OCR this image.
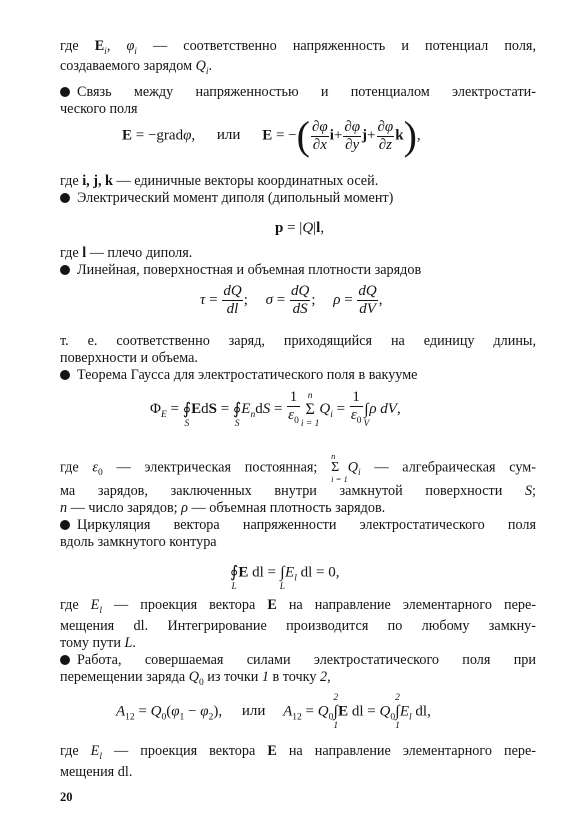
где $E_i$, $\varphi_i$ — соответственно напряженность и потенциал поля,
создаваемого зарядом $Q_i$.
Связь между напряженностью и потенциалом электростати-
ческого поля
E = −gradφ, или E = −( $\frac{\partial\varphi}{\partial x} i+ \frac{\partial\varphi}{\partial y} j+ \frac{\partial\varphi}{\partial z} k$),
где i, j, k — единичные векторы координатных осей.
Электрический момент диполя (дипольный момент)
p = |Q|l,
где l — плечо диполя.
Линейная, поверхностная и объемная плотности зарядов
$\tau = \frac{dQ}{dl}$ ; $\sigma = \frac{dQ}{dS}$ ; $\rho = \frac{dQ}{dV}$ ,
т. е. соответственно заряд, приходящийся на единицу длины,
поверхности и объема.
Теорема Гаусса для электростатического поля в вакууме
$\Phi_E$ =
∮
S
EdS =
∮
S
$E_ndS = \frac{1}{\varepsilon_0}$ n
Σ
i = 1
$Q_i = \frac{1}{\varepsilon_0}$
∫
V
ρ dV,
где $\varepsilon_0$ — электрическая постоянная;
n
Σ
i = 1
$Q_i$ — алгебраическая сум-
ма зарядов, заключенных внутри замкнутой поверхности S;
n — число зарядов; ρ — объемная плотность зарядов.
Циркуляция вектора напряженности электростатического поля
вдоль замкнутого контура

∮
L
E dl =
∫
L
$E_l$ dl = 0,
где $E_l$ — проекция вектора E на направление элементарного пере-
мещения dl. Интегрирование производится по любому замкну-
тому пути L.
Работа, совершаемая силами электростатического поля при
перемещении заряда $Q_0$ из точки 1 в точку 2,
$A_{12} = Q_0(\varphi_1 - \varphi_2)$, или $A_{12} = Q_0$
2
∫
1
E dl = $Q_0$
2
∫
1
$E_l$ dl,
где $E_l$ — проекция вектора E на направление элементарного пере-
мещения dl.
20
